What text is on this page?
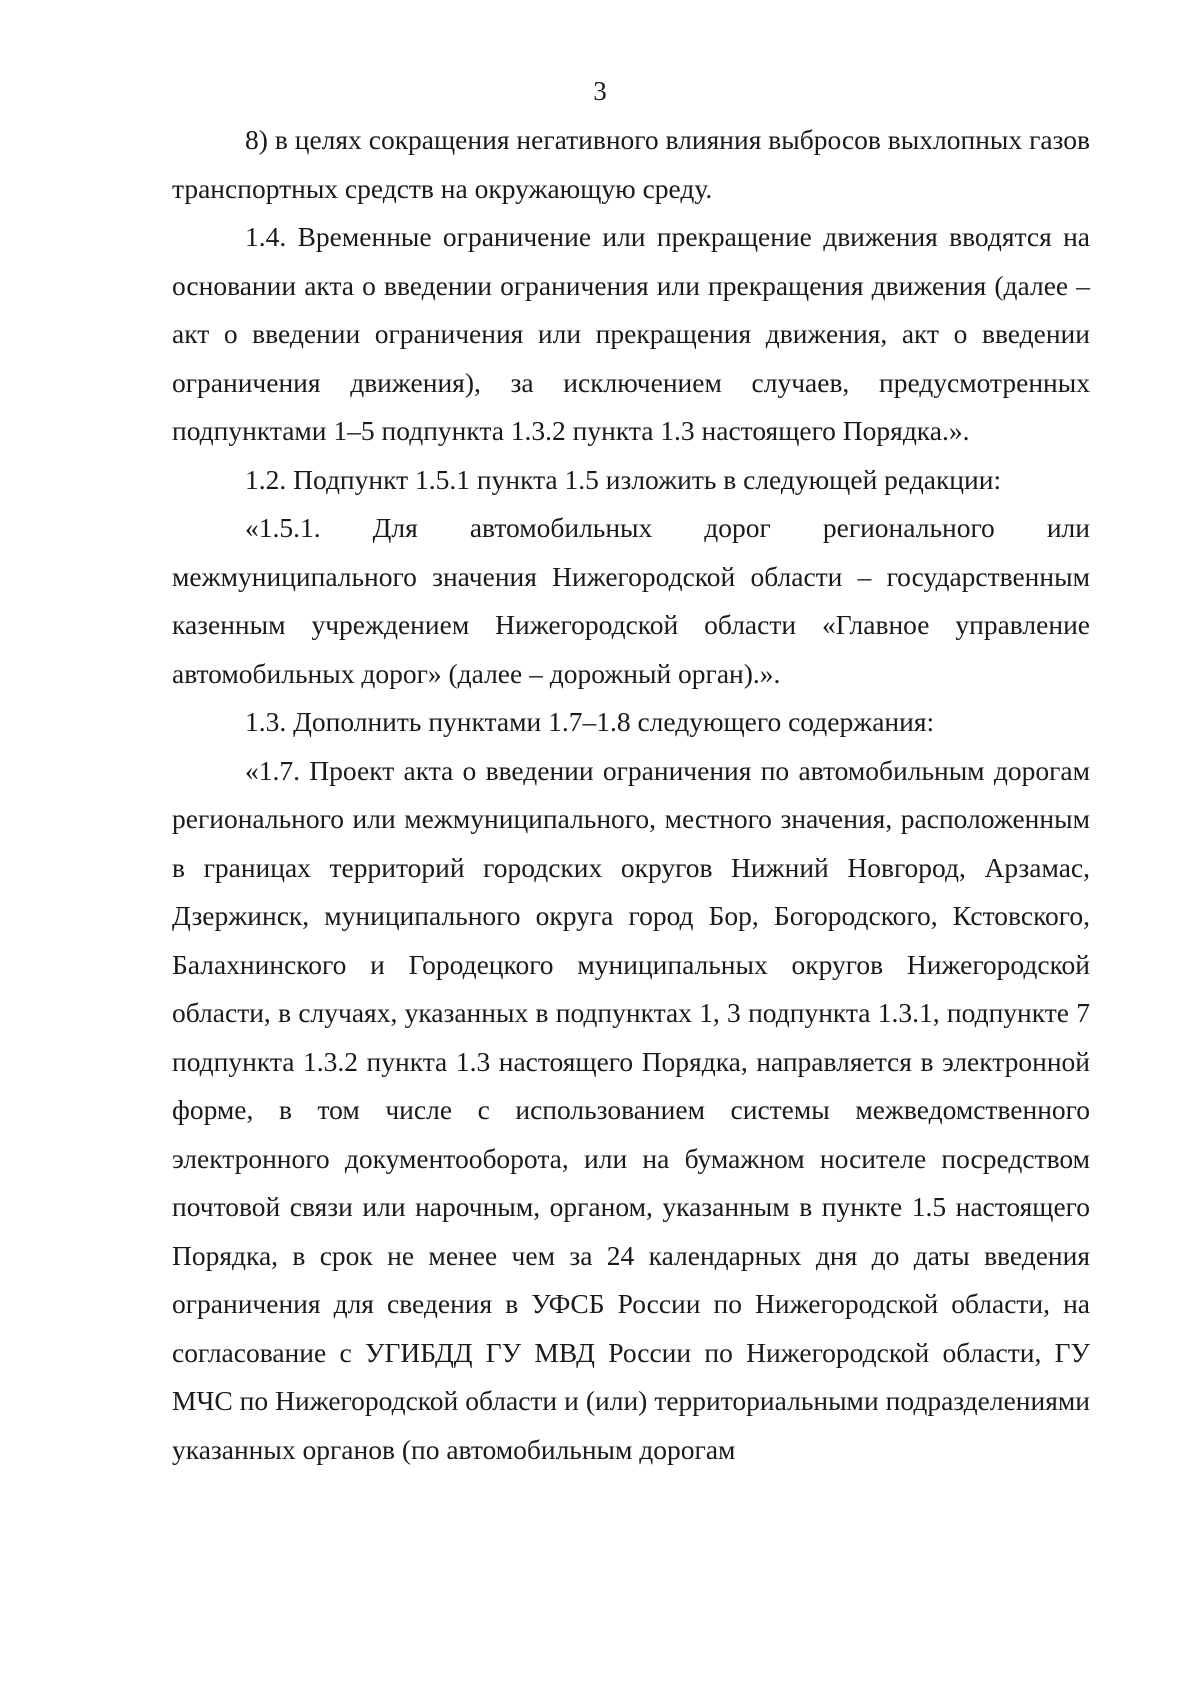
3

8) в целях сокращения негативного влияния выбросов выхлопных газов транспортных средств на окружающую среду.

1.4. Временные ограничение или прекращение движения вводятся на основании акта о введении ограничения или прекращения движения (далее – акт о введении ограничения или прекращения движения, акт о введении ограничения движения), за исключением случаев, предусмотренных подпунктами 1–5 подпункта 1.3.2 пункта 1.3 настоящего Порядка.».

1.2. Подпункт 1.5.1 пункта 1.5 изложить в следующей редакции:

«1.5.1. Для автомобильных дорог регионального или межмуниципального значения Нижегородской области – государственным казенным учреждением Нижегородской области «Главное управление автомобильных дорог» (далее – дорожный орган).».

1.3. Дополнить пунктами 1.7–1.8 следующего содержания:

«1.7. Проект акта о введении ограничения по автомобильным дорогам регионального или межмуниципального, местного значения, расположенным в границах территорий городских округов Нижний Новгород, Арзамас, Дзержинск, муниципального округа город Бор, Богородского, Кстовского, Балахнинского и Городецкого муниципальных округов Нижегородской области, в случаях, указанных в подпунктах 1, 3 подпункта 1.3.1, подпункте 7 подпункта 1.3.2 пункта 1.3 настоящего Порядка, направляется в электронной форме, в том числе с использованием системы межведомственного электронного документооборота, или на бумажном носителе посредством почтовой связи или нарочным, органом, указанным в пункте 1.5 настоящего Порядка, в срок не менее чем за 24 календарных дня до даты введения ограничения для сведения в УФСБ России по Нижегородской области, на согласование с УГИБДД ГУ МВД России по Нижегородской области, ГУ МЧС по Нижегородской области и (или) территориальными подразделениями указанных органов (по автомобильным дорогам
